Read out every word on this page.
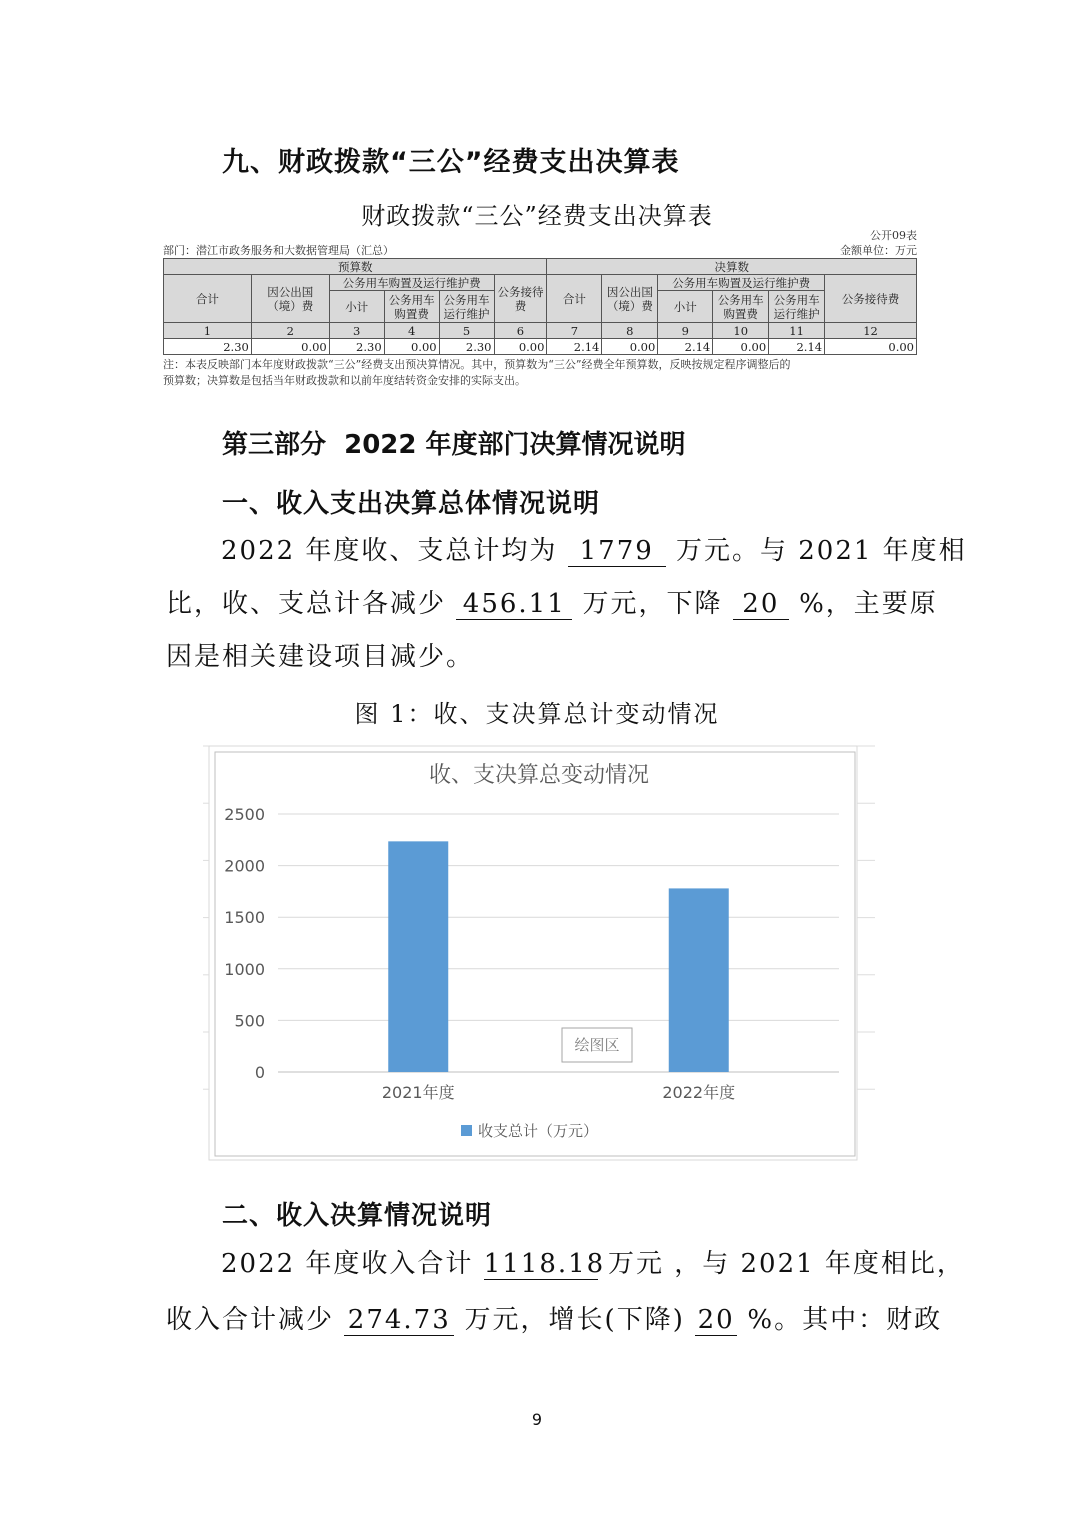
九、财政拨款“三公”经费支出决算表
财政拨款“三公”经费支出决算表
公开09表
部门：潜江市政务服务和大数据管理局（汇总）	金额单位：万元
预算数						决算数					
合计	因公出国（境）费	公务用车购置及运行维护费			公务接待费	合计	因公出国（境）费	公务用车购置及运行维护费			公务接待费
		小计	公务用车购置费	公务用车运行维护				小计	公务用车购置费	公务用车运行维护	
1	2	3	4	5	6	7	8	9	10	11	12
2.30	0.00	2.30	0.00	2.30	0.00	2.14	0.00	2.14	0.00	2.14	0.00
注：本表反映部门本年度财政拨款“三公”经费支出预决算情况。其中，预算数为“三公”经费全年预算数，反映按规定程序调整后的
预算数；决算数是包括当年财政拨款和以前年度结转资金安排的实际支出。
第三部分  2022 年度部门决算情况说明
一、收入支出决算总体情况说明
2022 年度收、支总计均为 1779 万元。与 2021 年度相
比，收、支总计各减少 456.11 万元，下降 20 %，主要原
因是相关建设项目减少。
图 1：收、支决算总计变动情况
收、支决算总变动情况
0
500
1000
1500
2000
2500
2021年度	2022年度
绘图区
收支总计（万元）
二、收入决算情况说明
2022 年度收入合计 1118.18 万元 ，与 2021 年度相比，
收入合计减少 274.73 万元，增长(下降) 20 %。其中：财政
9
